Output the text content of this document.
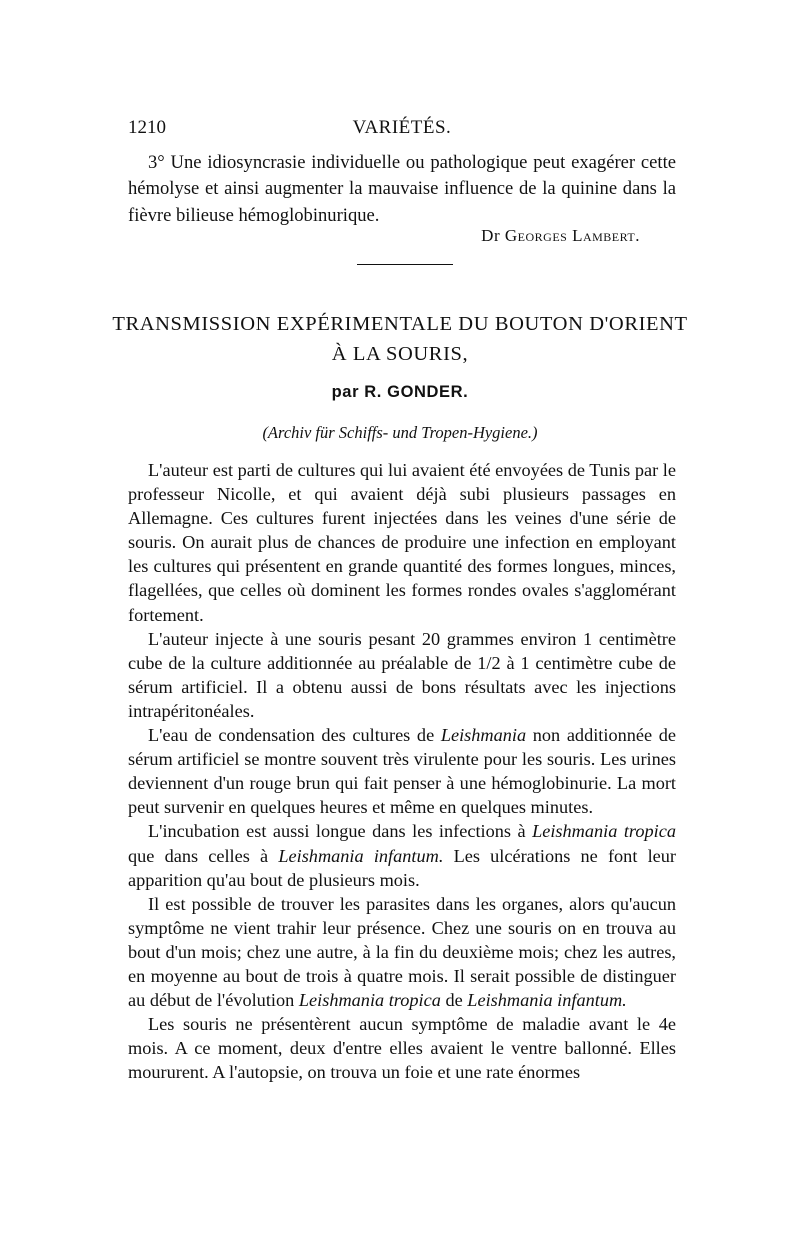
1210	VARIÉTÉS.

3° Une idiosyncrasie individuelle ou pathologique peut exagérer cette hémolyse et ainsi augmenter la mauvaise influence de la quinine dans la fièvre bilieuse hémoglobinurique.

Dr Georges Lambert.
TRANSMISSION EXPÉRIMENTALE DU BOUTON D'ORIENT
À LA SOURIS,
par R. GONDER.
(Archiv für Schiffs- und Tropen-Hygiene.)

L'auteur est parti de cultures qui lui avaient été envoyées de Tunis par le professeur Nicolle, et qui avaient déjà subi plusieurs passages en Allemagne. Ces cultures furent injectées dans les veines d'une série de souris. On aurait plus de chances de produire une infection en employant les cultures qui présentent en grande quantité des formes longues, minces, flagellées, que celles où dominent les formes rondes ovales s'agglomérant fortement.

L'auteur injecte à une souris pesant 20 grammes environ 1 centimètre cube de la culture additionnée au préalable de 1/2 à 1 centimètre cube de sérum artificiel. Il a obtenu aussi de bons résultats avec les injections intrapéritonéales.

L'eau de condensation des cultures de Leishmania non additionnée de sérum artificiel se montre souvent très virulente pour les souris. Les urines deviennent d'un rouge brun qui fait penser à une hémoglobinurie. La mort peut survenir en quelques heures et même en quelques minutes.

L'incubation est aussi longue dans les infections à Leishmania tropica que dans celles à Leishmania infantum. Les ulcérations ne font leur apparition qu'au bout de plusieurs mois.

Il est possible de trouver les parasites dans les organes, alors qu'aucun symptôme ne vient trahir leur présence. Chez une souris on en trouva au bout d'un mois; chez une autre, à la fin du deuxième mois; chez les autres, en moyenne au bout de trois à quatre mois. Il serait possible de distinguer au début de l'évolution Leishmania tropica de Leishmania infantum.

Les souris ne présentèrent aucun symptôme de maladie avant le 4e mois. A ce moment, deux d'entre elles avaient le ventre ballonné. Elles moururent. A l'autopsie, on trouva un foie et une rate énormes
